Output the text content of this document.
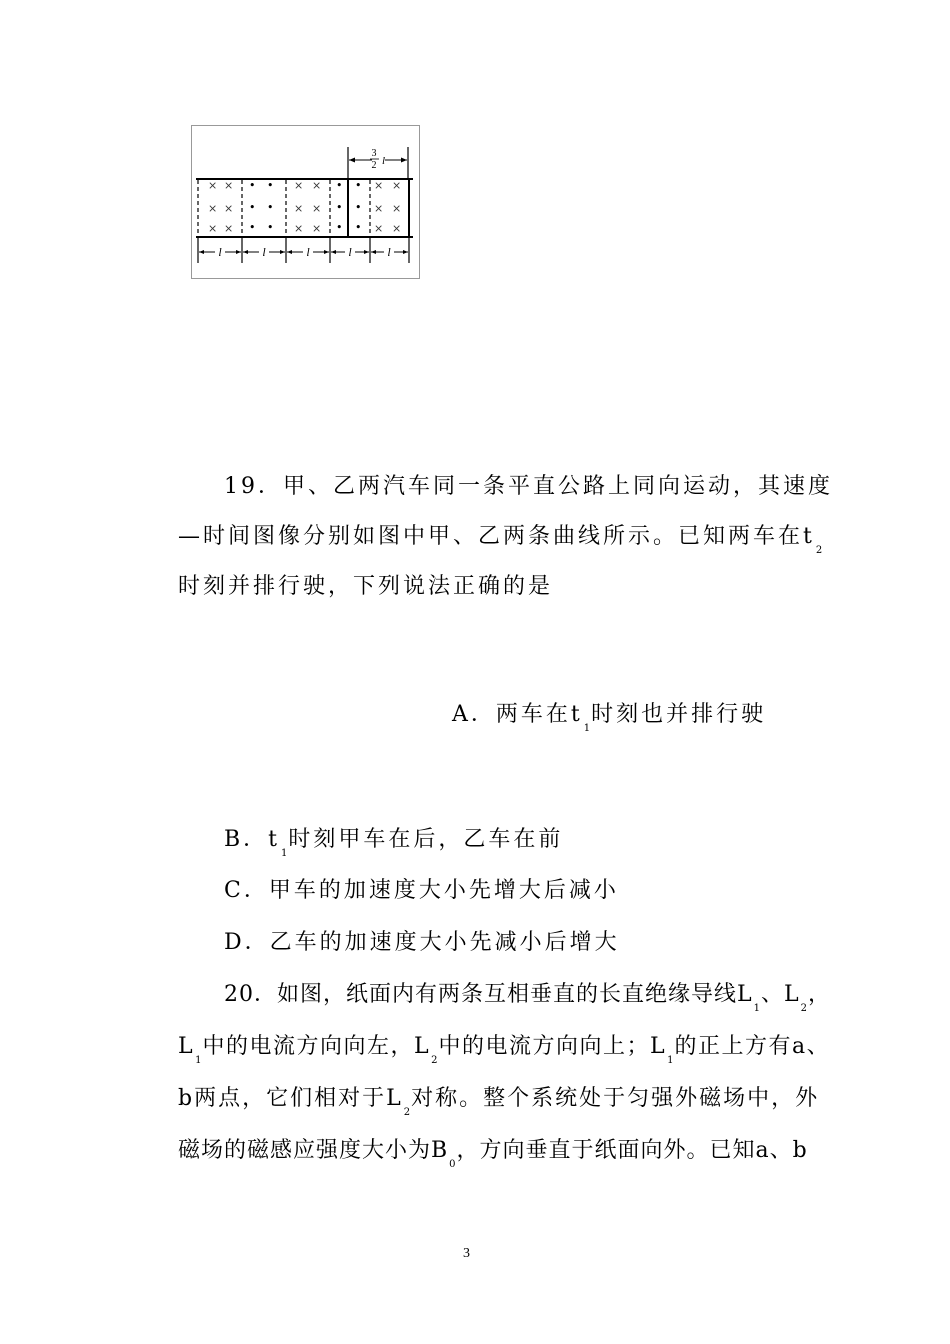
3
2 l
× ×
× ×
× ×
• •
• •
• •
× ×
× ×
× ×
• •
• •
• •
× ×
× ×
× ×
l	l	l	l	l
19．甲、乙两汽车同一条平直公路上同向运动，其速度
—时间图像分别如图中甲、乙两条曲线所示。已知两车在$t_2$
时刻并排行驶，下列说法正确的是
A．两车在$t_1$时刻也并排行驶
B．$t_1$时刻甲车在后，乙车在前
C．甲车的加速度大小先增大后减小
D．乙车的加速度大小先减小后增大
20．如图，纸面内有两条互相垂直的长直绝缘导线$L_1$、$L_2$，
$L_1$中的电流方向向左，$L_2$中的电流方向向上；$L_1$的正上方有a、
b两点，它们相对于$L_2$对称。整个系统处于匀强外磁场中，外
磁场的磁感应强度大小为$B_0$，方向垂直于纸面向外。已知a、b
3
